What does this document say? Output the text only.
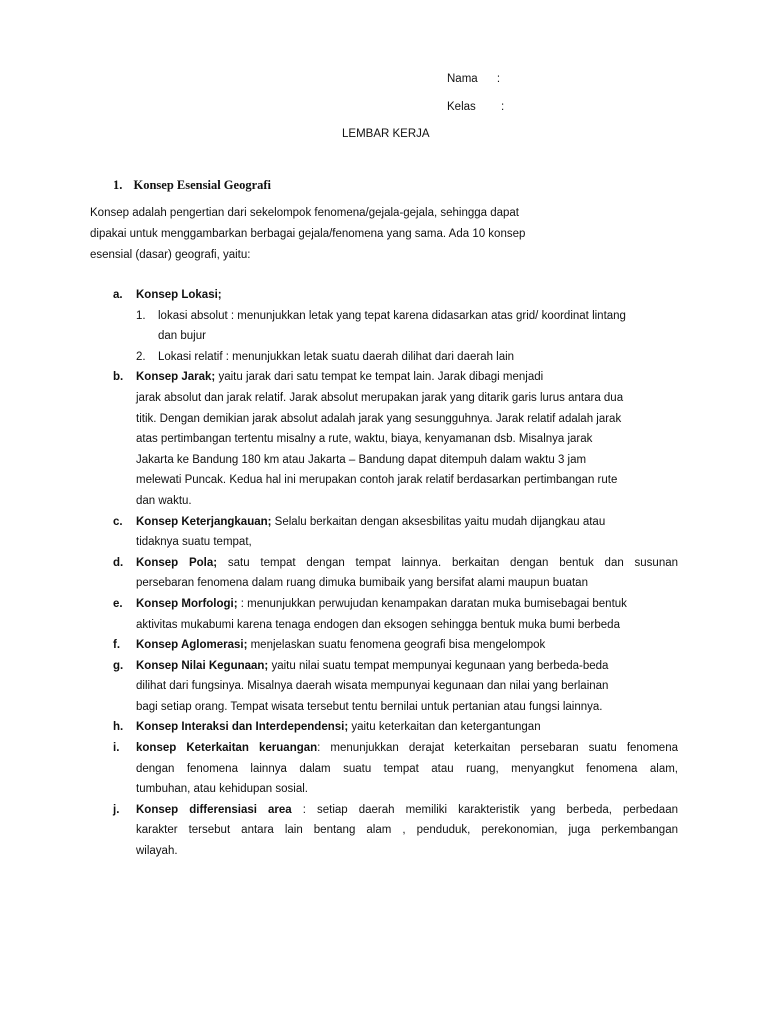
Nama :
Kelas :
LEMBAR KERJA
1. Konsep Esensial Geografi
Konsep adalah pengertian dari sekelompok fenomena/gejala-gejala, sehingga dapat
dipakai untuk menggambarkan berbagai gejala/fenomena yang sama. Ada 10 konsep
esensial (dasar) geografi, yaitu:
a.	Konsep Lokasi;
1.	lokasi absolut : menunjukkan letak yang tepat karena didasarkan atas grid/ koordinat lintang
dan bujur
2.	Lokasi relatif : menunjukkan letak suatu daerah dilihat dari daerah lain
b.	Konsep Jarak; yaitu jarak dari satu tempat ke tempat lain. Jarak dibagi menjadi
jarak absolut dan jarak relatif. Jarak absolut merupakan jarak yang ditarik garis lurus antara dua
titik. Dengan demikian jarak absolut adalah jarak yang sesungguhnya. Jarak relatif adalah jarak
atas pertimbangan tertentu misalny a rute, waktu, biaya, kenyamanan dsb. Misalnya jarak
Jakarta ke Bandung 180 km atau Jakarta – Bandung dapat ditempuh dalam waktu 3 jam
melewati Puncak. Kedua hal ini merupakan contoh jarak relatif berdasarkan pertimbangan rute
dan waktu.
c.	Konsep Keterjangkauan; Selalu berkaitan dengan aksesbilitas yaitu mudah dijangkau atau
tidaknya suatu tempat,
d.	Konsep Pola; satu tempat dengan tempat lainnya. berkaitan dengan bentuk dan susunan
persebaran fenomena dalam ruang dimuka bumibaik yang bersifat alami maupun buatan
e.	Konsep Morfologi; : menunjukkan perwujudan kenampakan daratan muka bumisebagai bentuk
aktivitas mukabumi karena tenaga endogen dan eksogen sehingga bentuk muka bumi berbeda
f.	Konsep Aglomerasi; menjelaskan suatu fenomena geografi bisa mengelompok
g.	Konsep Nilai Kegunaan; yaitu nilai suatu tempat mempunyai kegunaan yang berbeda-beda
dilihat dari fungsinya. Misalnya daerah wisata mempunyai kegunaan dan nilai yang berlainan
bagi setiap orang. Tempat wisata tersebut tentu bernilai untuk pertanian atau fungsi lainnya.
h.	Konsep Interaksi dan Interdependensi; yaitu keterkaitan dan ketergantungan
i.	konsep Keterkaitan keruangan: menunjukkan derajat keterkaitan persebaran suatu fenomena
dengan fenomena lainnya dalam suatu tempat atau ruang, menyangkut fenomena alam,
tumbuhan, atau kehidupan sosial.
j.	Konsep differensiasi area : setiap daerah memiliki karakteristik yang berbeda, perbedaan
karakter tersebut antara lain bentang alam , penduduk, perekonomian, juga perkembangan
wilayah.
